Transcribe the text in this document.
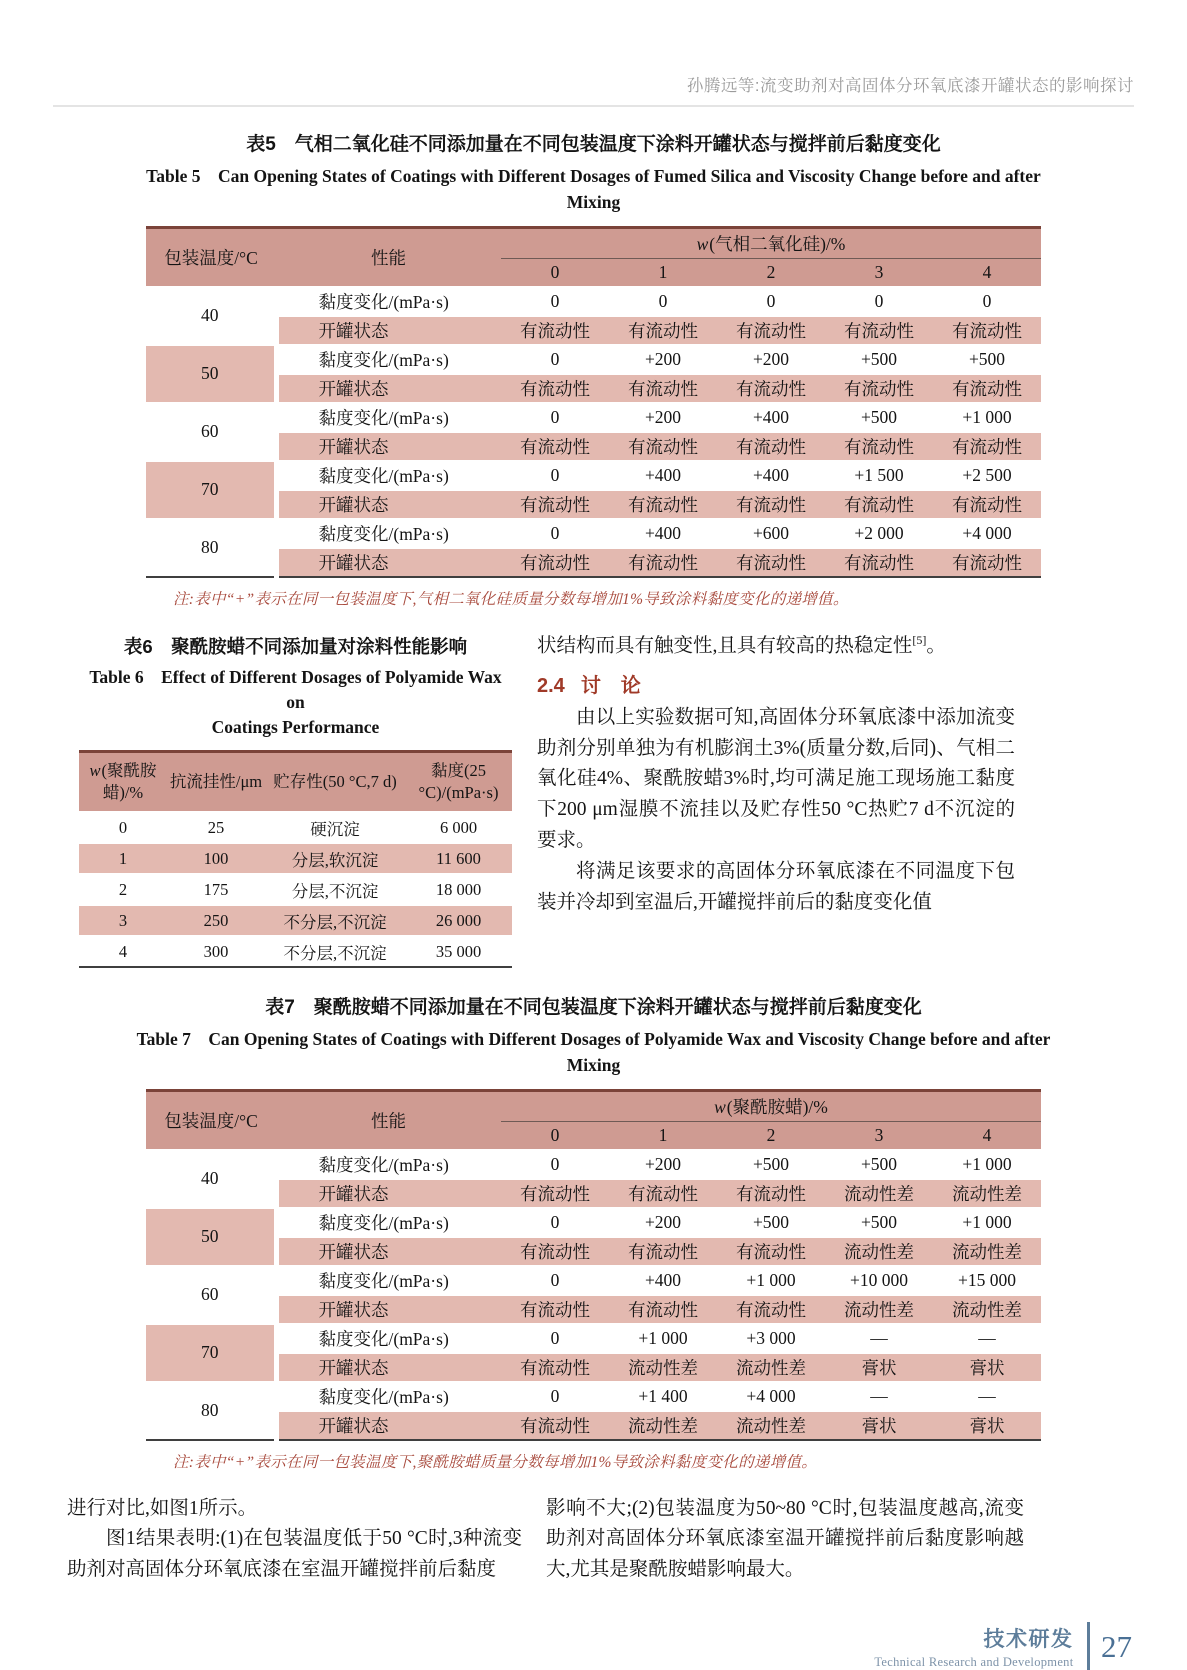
孙腾远等:流变助剂对高固体分环氧底漆开罐状态的影响探讨
表5　气相二氧化硅不同添加量在不同包装温度下涂料开罐状态与搅拌前后黏度变化
Table 5　Can Opening States of Coatings with Different Dosages of Fumed Silica and Viscosity Change before and after
Mixing
包装温度/°C	性能	w(气相二氧化硅)/%				
		0	1	2	3	4
40	黏度变化/(mPa·s)	0	0	0	0	0
	开罐状态	有流动性	有流动性	有流动性	有流动性	有流动性
50	黏度变化/(mPa·s)	0	+200	+200	+500	+500
	开罐状态	有流动性	有流动性	有流动性	有流动性	有流动性
60	黏度变化/(mPa·s)	0	+200	+400	+500	+1 000
	开罐状态	有流动性	有流动性	有流动性	有流动性	有流动性
70	黏度变化/(mPa·s)	0	+400	+400	+1 500	+2 500
	开罐状态	有流动性	有流动性	有流动性	有流动性	有流动性
80	黏度变化/(mPa·s)	0	+400	+600	+2 000	+4 000
	开罐状态	有流动性	有流动性	有流动性	有流动性	有流动性
注:表中“+”表示在同一包装温度下,气相二氧化硅质量分数每增加1%导致涂料黏度变化的递增值。
表6　聚酰胺蜡不同添加量对涂料性能影响
Table 6　Effect of Different Dosages of Polyamide Wax on
Coatings Performance
w(聚酰胺蜡)/%	抗流挂性/μm	贮存性(50 °C,7 d)	黏度(25 °C)/(mPa·s)
0	25	硬沉淀	6 000
1	100	分层,软沉淀	11 600
2	175	分层,不沉淀	18 000
3	250	不分层,不沉淀	26 000
4	300	不分层,不沉淀	35 000

状结构而具有触变性,且具有较高的热稳定性[5]。

2.4 讨　论

由以上实验数据可知,高固体分环氧底漆中添加流变助剂分别单独为有机膨润土3%(质量分数,后同)、气相二氧化硅4%、聚酰胺蜡3%时,均可满足施工现场施工黏度下200 μm湿膜不流挂以及贮存性50 °C热贮7 d不沉淀的要求。

将满足该要求的高固体分环氧底漆在不同温度下包装并冷却到室温后,开罐搅拌前后的黏度变化值

表7　聚酰胺蜡不同添加量在不同包装温度下涂料开罐状态与搅拌前后黏度变化
Table 7　Can Opening States of Coatings with Different Dosages of Polyamide Wax and Viscosity Change before and after
Mixing
包装温度/°C	性能	w(聚酰胺蜡)/%				
		0	1	2	3	4
40	黏度变化/(mPa·s)	0	+200	+500	+500	+1 000
	开罐状态	有流动性	有流动性	有流动性	流动性差	流动性差
50	黏度变化/(mPa·s)	0	+200	+500	+500	+1 000
	开罐状态	有流动性	有流动性	有流动性	流动性差	流动性差
60	黏度变化/(mPa·s)	0	+400	+1 000	+10 000	+15 000
	开罐状态	有流动性	有流动性	有流动性	流动性差	流动性差
70	黏度变化/(mPa·s)	0	+1 000	+3 000	—	—
	开罐状态	有流动性	流动性差	流动性差	膏状	膏状
80	黏度变化/(mPa·s)	0	+1 400	+4 000	—	—
	开罐状态	有流动性	流动性差	流动性差	膏状	膏状
注:表中“+”表示在同一包装温度下,聚酰胺蜡质量分数每增加1%导致涂料黏度变化的递增值。

进行对比,如图1所示。

图1结果表明:(1)在包装温度低于50 °C时,3种流变助剂对高固体分环氧底漆在室温开罐搅拌前后黏度

影响不大;(2)包装温度为50~80 °C时,包装温度越高,流变助剂对高固体分环氧底漆室温开罐搅拌前后黏度影响越大,尤其是聚酰胺蜡影响最大。

技术研发
Technical Research and Development 27
